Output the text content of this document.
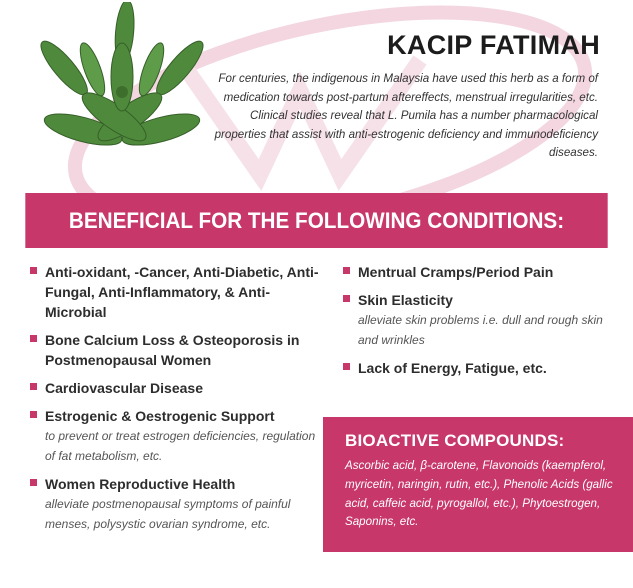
KACIP FATIMAH
For centuries, the indigenous in Malaysia have used this herb as a form of medication towards post-partum aftereffects, menstrual irregularities, etc. Clinical studies reveal that L. Pumila has a number pharmacological properties that assist with anti-estrogenic deficiency and immunodeficiency diseases.
BENEFICIAL FOR THE FOLLOWING CONDITIONS:
Anti-oxidant, -Cancer, Anti-Diabetic, Anti-Fungal, Anti-Inflammatory, & Anti-Microbial
Bone Calcium Loss & Osteoporosis in Postmenopausal Women
Cardiovascular Disease
Estrogenic & Oestrogenic Support
to prevent or treat estrogen deficiencies, regulation of fat metabolism, etc.
Women Reproductive Health
alleviate postmenopausal symptoms of painful menses, polysystic ovarian syndrome, etc.
Mentrual Cramps/Period Pain
Skin Elasticity
alleviate skin problems i.e. dull and rough skin and wrinkles
Lack of Energy, Fatigue, etc.
BIOACTIVE COMPOUNDS:
Ascorbic acid, β-carotene, Flavonoids (kaempferol, myricetin, naringin, rutin, etc.), Phenolic Acids (gallic acid, caffeic acid, pyrogallol, etc.), Phytoestrogen, Saponins, etc.
